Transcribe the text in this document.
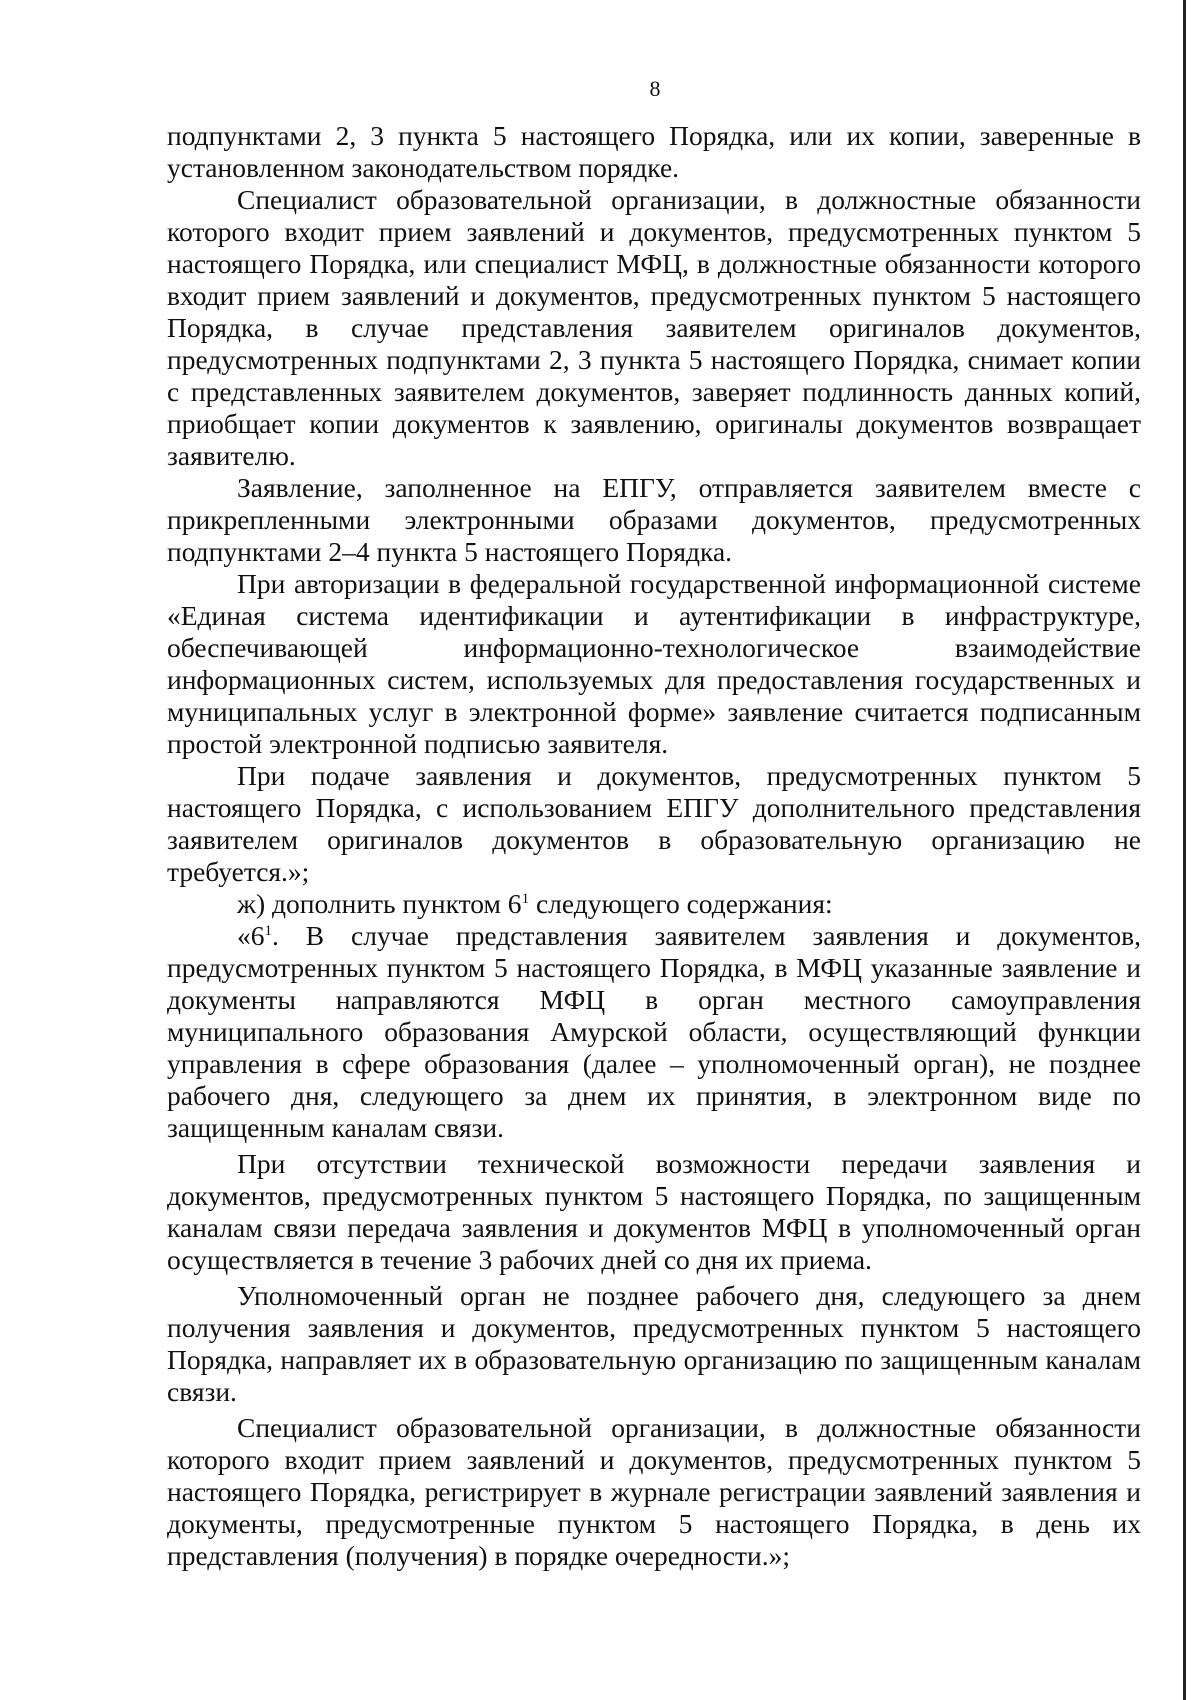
8

подпунктами 2, 3 пункта 5 настоящего Порядка, или их копии, заверенные в установленном законодательством порядке.

Специалист образовательной организации, в должностные обязанности которого входит прием заявлений и документов, предусмотренных пунктом 5 настоящего Порядка, или специалист МФЦ, в должностные обязанности которого входит прием заявлений и документов, предусмотренных пунктом 5 настоящего Порядка, в случае представления заявителем оригиналов документов, предусмотренных подпунктами 2, 3 пункта 5 настоящего Порядка, снимает копии с представленных заявителем документов, заверяет подлинность данных копий, приобщает копии документов к заявлению, оригиналы документов возвращает заявителю.

Заявление, заполненное на ЕПГУ, отправляется заявителем вместе с прикрепленными электронными образами документов, предусмотренных подпунктами 2–4 пункта 5 настоящего Порядка.

При авторизации в федеральной государственной информационной системе «Единая система идентификации и аутентификации в инфраструктуре, обеспечивающей информационно-технологическое взаимодействие информационных систем, используемых для предоставления государственных и муниципальных услуг в электронной форме» заявление считается подписанным простой электронной подписью заявителя.

При подаче заявления и документов, предусмотренных пунктом 5 настоящего Порядка, с использованием ЕПГУ дополнительного представления заявителем оригиналов документов в образовательную организацию не требуется.»;

ж) дополнить пунктом $6^1$ следующего содержания:

«$6^1$. В случае представления заявителем заявления и документов, предусмотренных пунктом 5 настоящего Порядка, в МФЦ указанные заявление и документы направляются МФЦ в орган местного самоуправления муниципального образования Амурской области, осуществляющий функции управления в сфере образования (далее – уполномоченный орган), не позднее рабочего дня, следующего за днем их принятия, в электронном виде по защищенным каналам связи.

При отсутствии технической возможности передачи заявления и документов, предусмотренных пунктом 5 настоящего Порядка, по защищенным каналам связи передача заявления и документов МФЦ в уполномоченный орган осуществляется в течение 3 рабочих дней со дня их приема.

Уполномоченный орган не позднее рабочего дня, следующего за днем получения заявления и документов, предусмотренных пунктом 5 настоящего Порядка, направляет их в образовательную организацию по защищенным каналам связи.

Специалист образовательной организации, в должностные обязанности которого входит прием заявлений и документов, предусмотренных пунктом 5 настоящего Порядка, регистрирует в журнале регистрации заявлений заявления и документы, предусмотренные пунктом 5 настоящего Порядка, в день их представления (получения) в порядке очередности.»;
